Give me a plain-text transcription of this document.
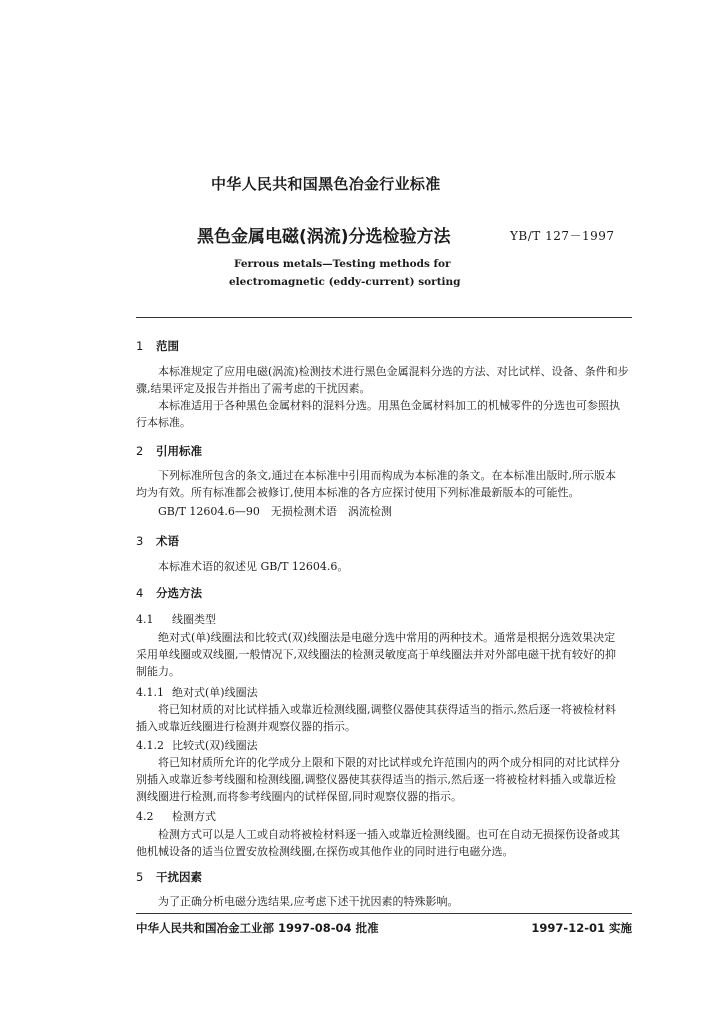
中华人民共和国黑色冶金行业标准
黑色金属电磁(涡流)分选检验方法	YB/T 127－1997
Ferrous metals—Testing methods for
electromagnetic (eddy-current) sorting
1 范围
本标准规定了应用电磁(涡流)检测技术进行黑色金属混料分选的方法、对比试样、设备、条件和步
骤,结果评定及报告并指出了需考虑的干扰因素。
本标准适用于各种黑色金属材料的混料分选。用黑色金属材料加工的机械零件的分选也可参照执
行本标准。
2 引用标准
下列标准所包含的条文,通过在本标准中引用而构成为本标准的条文。在本标准出版时,所示版本
均为有效。所有标准都会被修订,使用本标准的各方应探讨使用下列标准最新版本的可能性。
GB/T 12604.6—90　无损检测术语　涡流检测
3 术语
本标准术语的叙述见 GB/T 12604.6。
4 分选方法
4.1 线圈类型
绝对式(单)线圈法和比较式(双)线圈法是电磁分选中常用的两种技术。通常是根据分选效果决定
采用单线圈或双线圈,一般情况下,双线圈法的检测灵敏度高于单线圈法并对外部电磁干扰有较好的抑
制能力。
4.1.1 绝对式(单)线圈法
将已知材质的对比试样插入或靠近检测线圈,调整仪器使其获得适当的指示,然后逐一将被检材料
插入或靠近线圈进行检测并观察仪器的指示。
4.1.2 比较式(双)线圈法
将已知材质所允许的化学成分上限和下限的对比试样或允许范围内的两个成分相同的对比试样分
别插入或靠近参考线圈和检测线圈,调整仪器使其获得适当的指示,然后逐一将被检材料插入或靠近检
测线圈进行检测,而将参考线圈内的试样保留,同时观察仪器的指示。
4.2 检测方式
检测方式可以是人工或自动将被检材料逐一插入或靠近检测线圈。也可在自动无损探伤设备或其
他机械设备的适当位置安放检测线圈,在探伤或其他作业的同时进行电磁分选。
5 干扰因素
为了正确分析电磁分选结果,应考虑下述干扰因素的特殊影响。
中华人民共和国冶金工业部 1997-08-04 批准	1997-12-01 实施
